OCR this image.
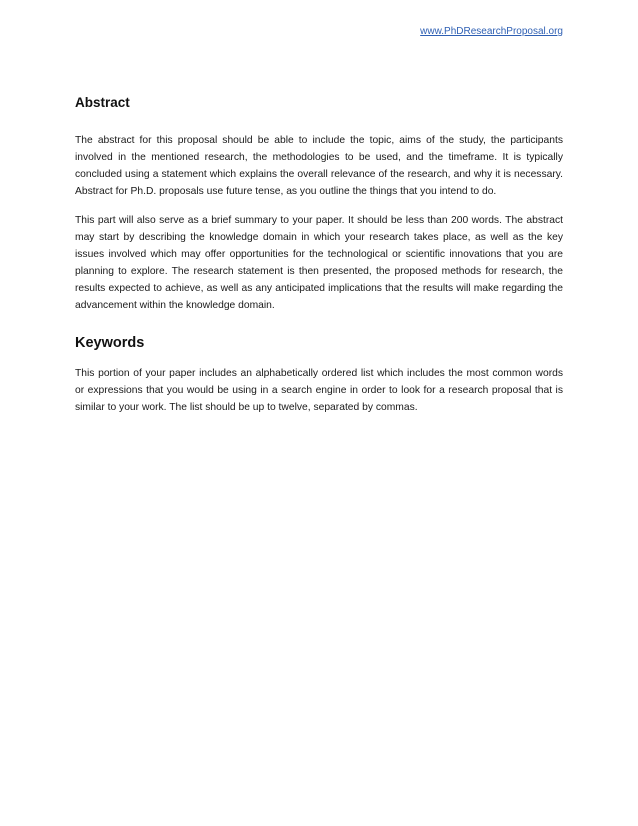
www.PhDResearchProposal.org
Abstract

The abstract for this proposal should be able to include the topic, aims of the study, the participants involved in the mentioned research, the methodologies to be used, and the timeframe. It is typically concluded using a statement which explains the overall relevance of the research, and why it is necessary. Abstract for Ph.D. proposals use future tense, as you outline the things that you intend to do.

This part will also serve as a brief summary to your paper. It should be less than 200 words. The abstract may start by describing the knowledge domain in which your research takes place, as well as the key issues involved which may offer opportunities for the technological or scientific innovations that you are planning to explore. The research statement is then presented, the proposed methods for research, the results expected to achieve, as well as any anticipated implications that the results will make regarding the advancement within the knowledge domain.

Keywords

This portion of your paper includes an alphabetically ordered list which includes the most common words or expressions that you would be using in a search engine in order to look for a research proposal that is similar to your work. The list should be up to twelve, separated by commas.
